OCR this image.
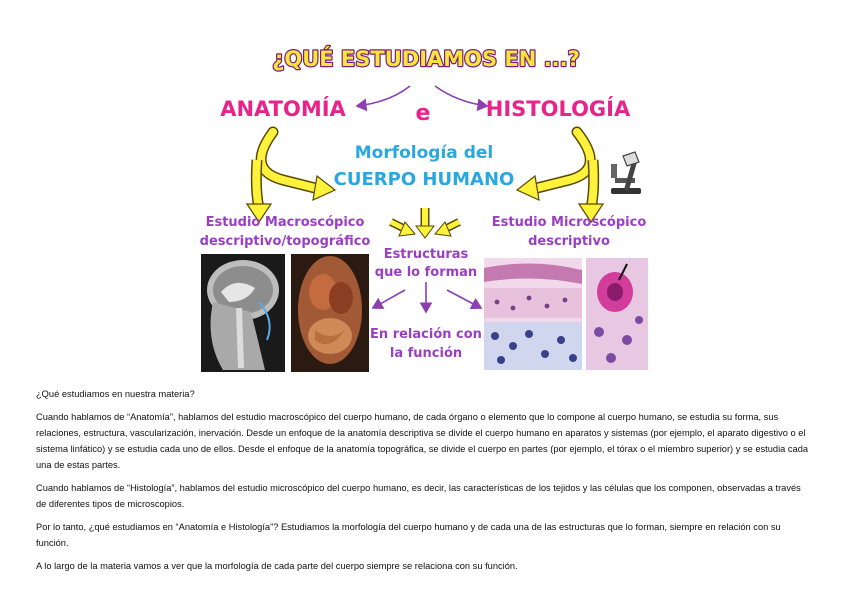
¿QUÉ ESTUDIAMOS EN ...?
ANATOMÍA	e	HISTOLOGÍA
Morfología del
CUERPO HUMANO
Estudio Macroscópico
descriptivo/topográfico
Estudio Microscópico
descriptivo
Estructuras
que lo forman
En relación con
la función

¿Qué estudiamos en nuestra materia?

Cuando hablamos de “Anatomía”, hablamos del estudio macroscópico del cuerpo humano, de cada órgano o elemento que lo compone al cuerpo humano, se estudia su forma, sus relaciones, estructura, vascularización, inervación. Desde un enfoque de la anatomía descriptiva se divide el cuerpo humano en aparatos y sistemas (por ejemplo, el aparato digestivo o el sistema linfático) y se estudia cada uno de ellos. Desde el enfoque de la anatomía topográfica, se divide el cuerpo en partes (por ejemplo, el tórax o el miembro superior) y se estudia cada una de estas partes.

Cuando hablamos de “Histología”, hablamos del estudio microscópico del cuerpo humano, es decir, las características de los tejidos y las células que los componen, observadas a través de diferentes tipos de microscopios.

Por lo tanto, ¿qué estudiamos en “Anatomía e Histología”? Estudiamos la morfología del cuerpo humano y de cada una de las estructuras que lo forman, siempre en relación con su función.

A lo largo de la materia vamos a ver que la morfología de cada parte del cuerpo siempre se relaciona con su función.
